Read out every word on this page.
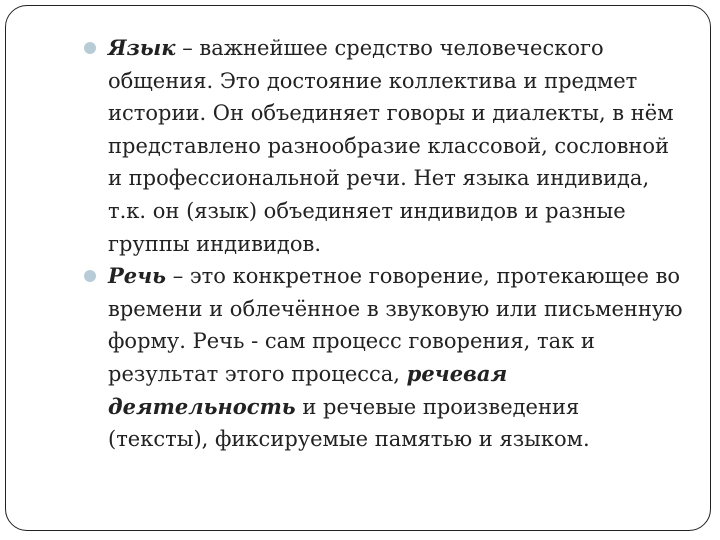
Язык – важнейшее средство человеческого общения. Это достояние коллектива и предмет истории. Он объединяет говоры и диалекты, в нём представлено разнообразие классовой, сословной и профессиональной речи. Нет языка индивида, т.к. он (язык) объединяет индивидов и разные группы индивидов.

Речь – это конкретное говорение, протекающее во времени и облечённое в звуковую или письменную форму. Речь - сам процесс говорения, так и результат этого процесса, речевая деятельность и речевые произведения (тексты), фиксируемые памятью и языком.
